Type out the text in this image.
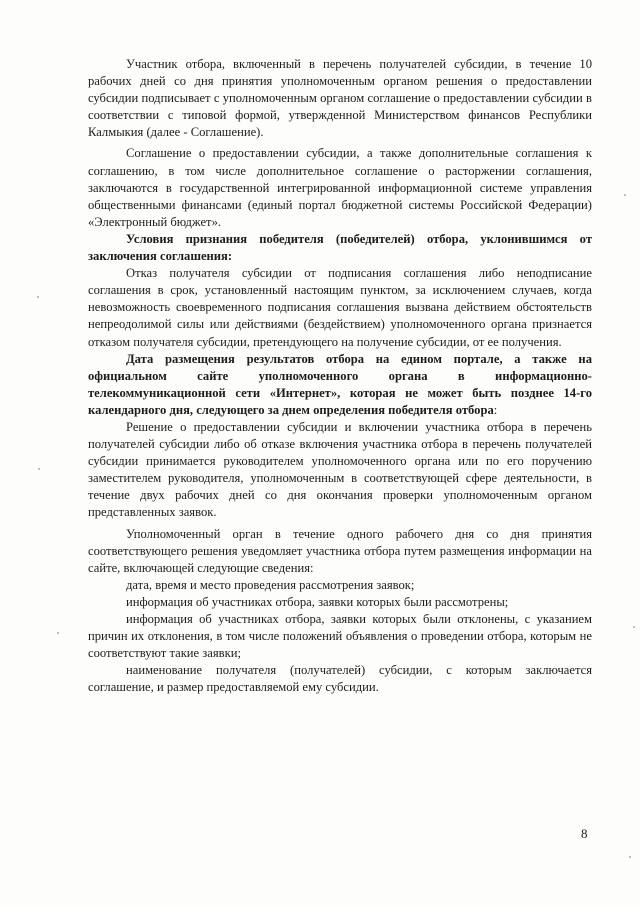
Участник отбора, включенный в перечень получателей субсидии, в течение 10 рабочих дней со дня принятия уполномоченным органом решения о предоставлении субсидии подписывает с уполномоченным органом соглашение о предоставлении субсидии в соответствии с типовой формой, утвержденной Министерством финансов Республики Калмыкия (далее - Соглашение).

Соглашение о предоставлении субсидии, а также дополнительные соглашения к соглашению, в том числе дополнительное соглашение о расторжении соглашения, заключаются в государственной интегрированной информационной системе управления общественными финансами (единый портал бюджетной системы Российской Федерации) «Электронный бюджет».

Условия признания победителя (победителей) отбора, уклонившимся от заключения соглашения:

Отказ получателя субсидии от подписания соглашения либо неподписание соглашения в срок, установленный настоящим пунктом, за исключением случаев, когда невозможность своевременного подписания соглашения вызвана действием обстоятельств непреодолимой силы или действиями (бездействием) уполномоченного органа признается отказом получателя субсидии, претендующего на получение субсидии, от ее получения.

Дата размещения результатов отбора на едином портале, а также на официальном сайте уполномоченного органа в информационно-телекоммуникационной сети «Интернет», которая не может быть позднее 14-го календарного дня, следующего за днем определения победителя отбора:

Решение о предоставлении субсидии и включении участника отбора в перечень получателей субсидии либо об отказе включения участника отбора в перечень получателей субсидии принимается руководителем уполномоченного органа или по его поручению заместителем руководителя, уполномоченным в соответствующей сфере деятельности, в течение двух рабочих дней со дня окончания проверки уполномоченным органом представленных заявок.

Уполномоченный орган в течение одного рабочего дня со дня принятия соответствующего решения уведомляет участника отбора путем размещения информации на сайте, включающей следующие сведения:

дата, время и место проведения рассмотрения заявок;

информация об участниках отбора, заявки которых были рассмотрены;

информация об участниках отбора, заявки которых были отклонены, с указанием причин их отклонения, в том числе положений объявления о проведении отбора, которым не соответствуют такие заявки;

наименование получателя (получателей) субсидии, с которым заключается соглашение, и размер предоставляемой ему субсидии.

8
